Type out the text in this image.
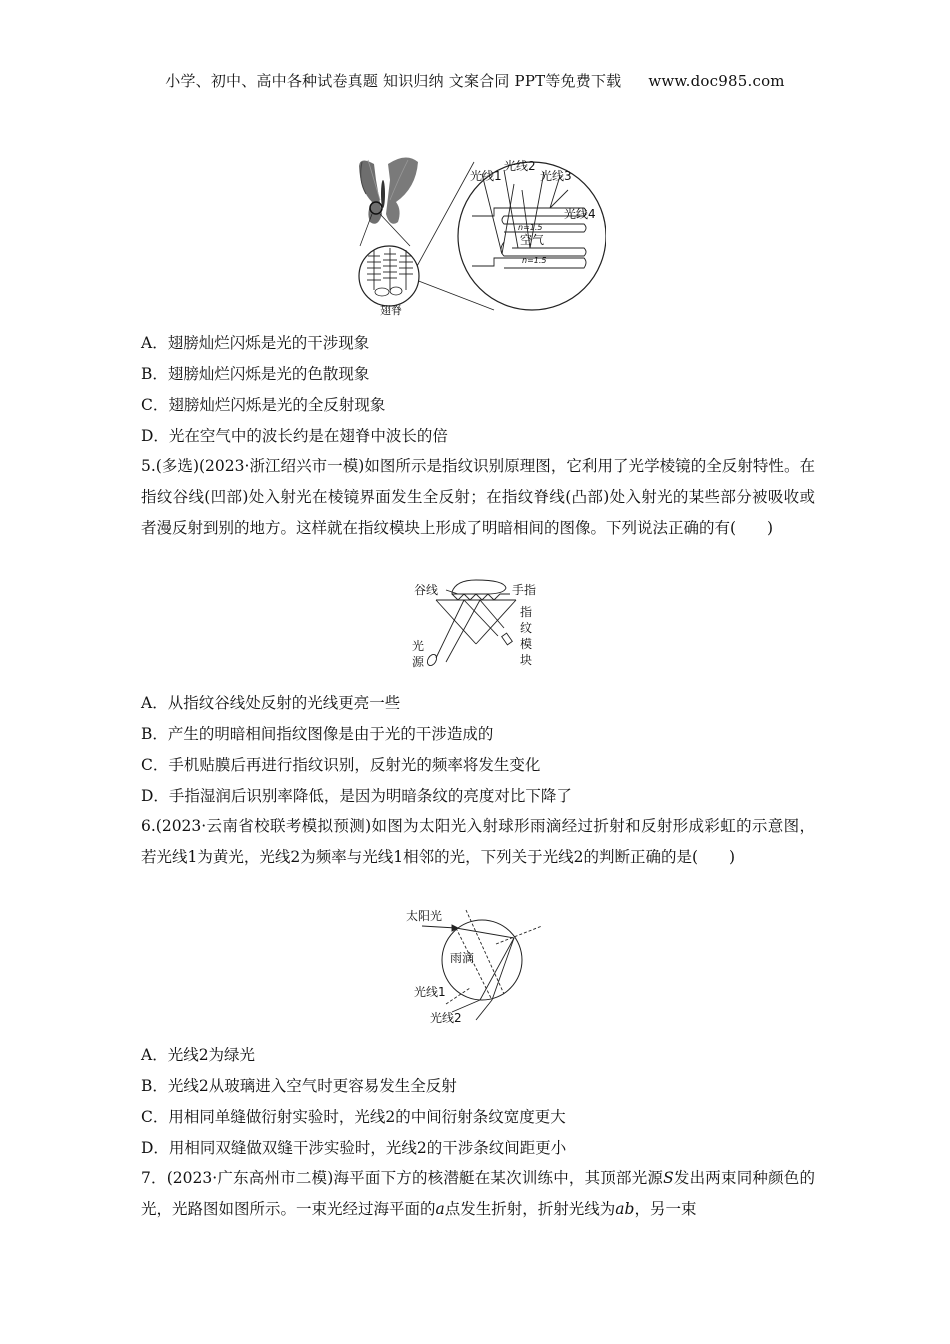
小学、初中、高中各种试卷真题 知识归纳 文案合同 PPT等免费下载 www.doc985.com
翅脊
光线1
光线2
光线3
光线4
n=1.5
空气
n=1.5
A．翅膀灿烂闪烁是光的干涉现象
B．翅膀灿烂闪烁是光的色散现象
C．翅膀灿烂闪烁是光的全反射现象
D．光在空气中的波长约是在翅脊中波长的倍
5.(多选)(2023·浙江绍兴市一模)如图所示是指纹识别原理图，它利用了光学棱镜的全反射特性。在指纹谷线(凹部)处入射光在棱镜界面发生全反射；在指纹脊线(凸部)处入射光的某些部分被吸收或者漫反射到别的地方。这样就在指纹模块上形成了明暗相间的图像。下列说法正确的有(　　)
谷线	手指
指
纹
模
块
光
源
A．从指纹谷线处反射的光线更亮一些
B．产生的明暗相间指纹图像是由于光的干涉造成的
C．手机贴膜后再进行指纹识别，反射光的频率将发生变化
D．手指湿润后识别率降低，是因为明暗条纹的亮度对比下降了
6.(2023·云南省校联考模拟预测)如图为太阳光入射球形雨滴经过折射和反射形成彩虹的示意图，若光线1为黄光，光线2为频率与光线1相邻的光，下列关于光线2的判断正确的是(　　)
太阳光
雨滴
光线1
光线2
A．光线2为绿光
B．光线2从玻璃进入空气时更容易发生全反射
C．用相同单缝做衍射实验时，光线2的中间衍射条纹宽度更大
D．用相同双缝做双缝干涉实验时，光线2的干涉条纹间距更小
7．(2023·广东高州市二模)海平面下方的核潜艇在某次训练中，其顶部光源S发出两束同种颜色的光，光路图如图所示。一束光经过海平面的a点发生折射，折射光线为ab，另一束
